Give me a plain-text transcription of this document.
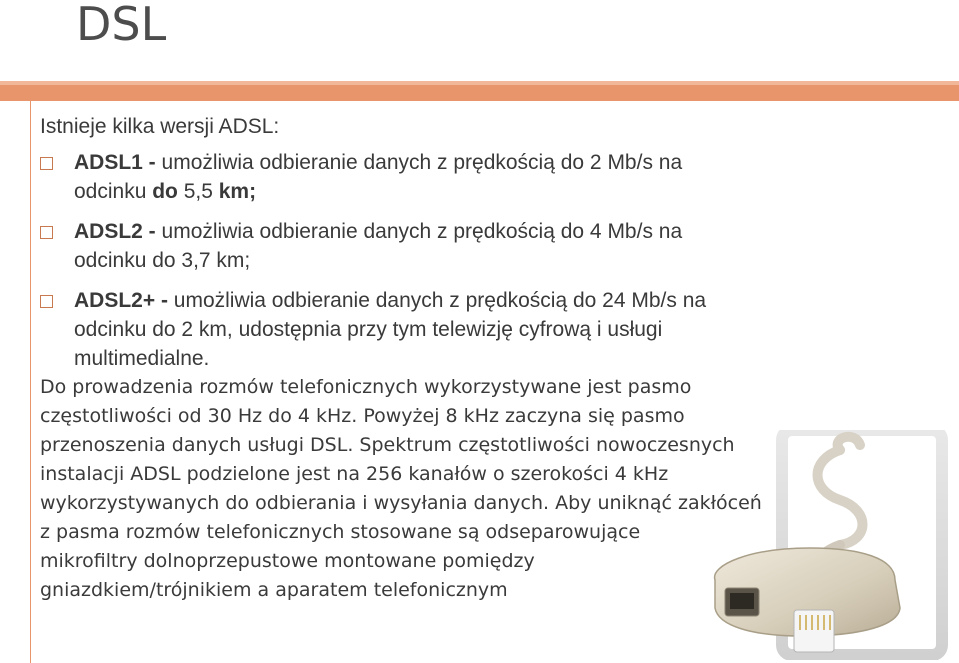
DSL
Istnieje kilka wersji ADSL:
ADSL1 - umożliwia odbieranie danych z prędkością do 2 Mb/s na
odcinku do 5,5 km;
ADSL2 - umożliwia odbieranie danych z prędkością do 4 Mb/s na
odcinku do 3,7 km;
ADSL2+ - umożliwia odbieranie danych z prędkością do 24 Mb/s na
odcinku do 2 km, udostępnia przy tym telewizję cyfrową i usługi
multimedialne.

Do prowadzenia rozmów telefonicznych wykorzystywane jest pasmo

częstotliwości od 30 Hz do 4 kHz. Powyżej 8 kHz zaczyna się pasmo

przenoszenia danych usługi DSL. Spektrum częstotliwości nowoczesnych

instalacji ADSL podzielone jest na 256 kanałów o szerokości 4 kHz

wykorzystywanych do odbierania i wysyłania danych. Aby uniknąć zakłóceń

z pasma rozmów telefonicznych stosowane są odseparowujące

mikrofiltry dolnoprzepustowe montowane pomiędzy

gniazdkiem/trójnikiem a aparatem telefonicznym
